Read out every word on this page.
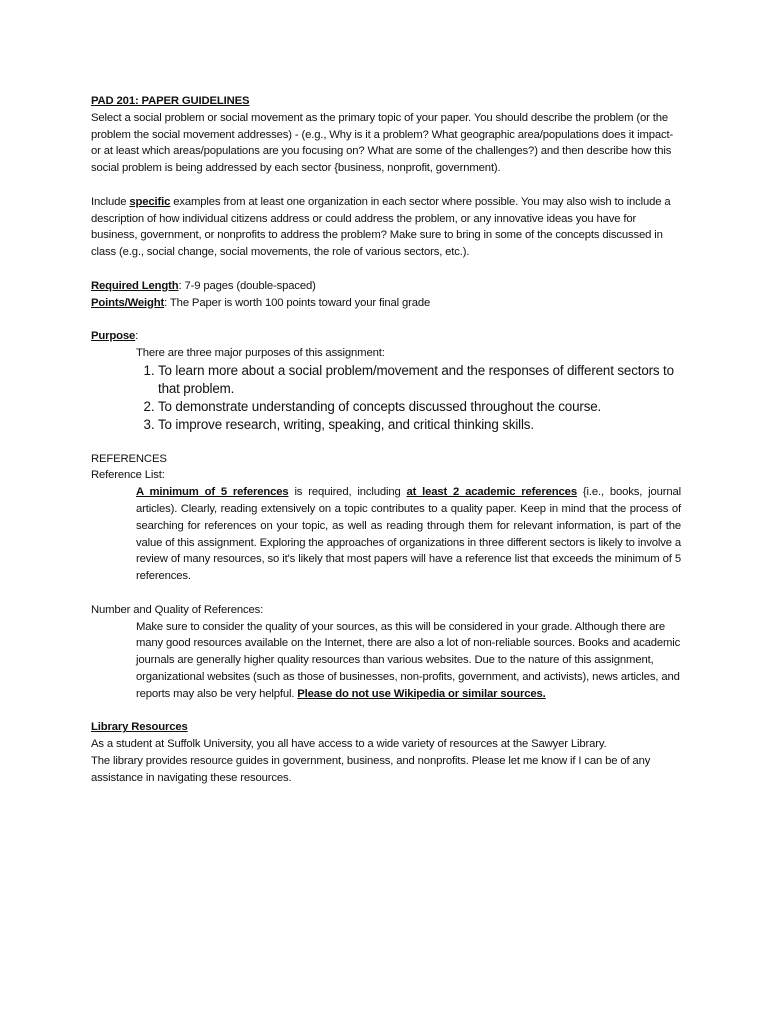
PAD 201: PAPER GUIDELINES

Select a social problem or social movement as the primary topic of your paper. You should describe the problem (or the problem the social movement addresses) - (e.g., Why is it a problem? What geographic area/populations does it impact-or at least which areas/populations are you focusing on? What are some of the challenges?) and then describe how this social problem is being addressed by each sector {business, nonprofit, government).

Include specific examples from at least one organization in each sector where possible. You may also wish to include a description of how individual citizens address or could address the problem, or any innovative ideas you have for business, government, or nonprofits to address the problem? Make sure to bring in some of the concepts discussed in class (e.g., social change, social movements, the role of various sectors, etc.).

Required Length: 7-9 pages (double-spaced)

Points/Weight: The Paper is worth 100 points toward your final grade

Purpose:

There are three major purposes of this assignment:

1. To learn more about a social problem/movement and the responses of different sectors to that problem.
2. To demonstrate understanding of concepts discussed throughout the course.
3. To improve research, writing, speaking, and critical thinking skills.

REFERENCES

Reference List:

A minimum of 5 references is required, including at least 2 academic references {i.e., books, journal articles). Clearly, reading extensively on a topic contributes to a quality paper. Keep in mind that the process of searching for references on your topic, as well as reading through them for relevant information, is part of the value of this assignment. Exploring the approaches of organizations in three different sectors is likely to involve a review of many resources, so it's likely that most papers will have a reference list that exceeds the minimum of 5 references.

Number and Quality of References:

Make sure to consider the quality of your sources, as this will be considered in your grade. Although there are many good resources available on the Internet, there are also a lot of non-reliable sources. Books and academic journals are generally higher quality resources than various websites. Due to the nature of this assignment, organizational websites (such as those of businesses, non-profits, government, and activists), news articles, and reports may also be very helpful. Please do not use Wikipedia or similar sources.

Library Resources

As a student at Suffolk University, you all have access to a wide variety of resources at the Sawyer Library.

The library provides resource guides in government, business, and nonprofits. Please let me know if I can be of any assistance in navigating these resources.
